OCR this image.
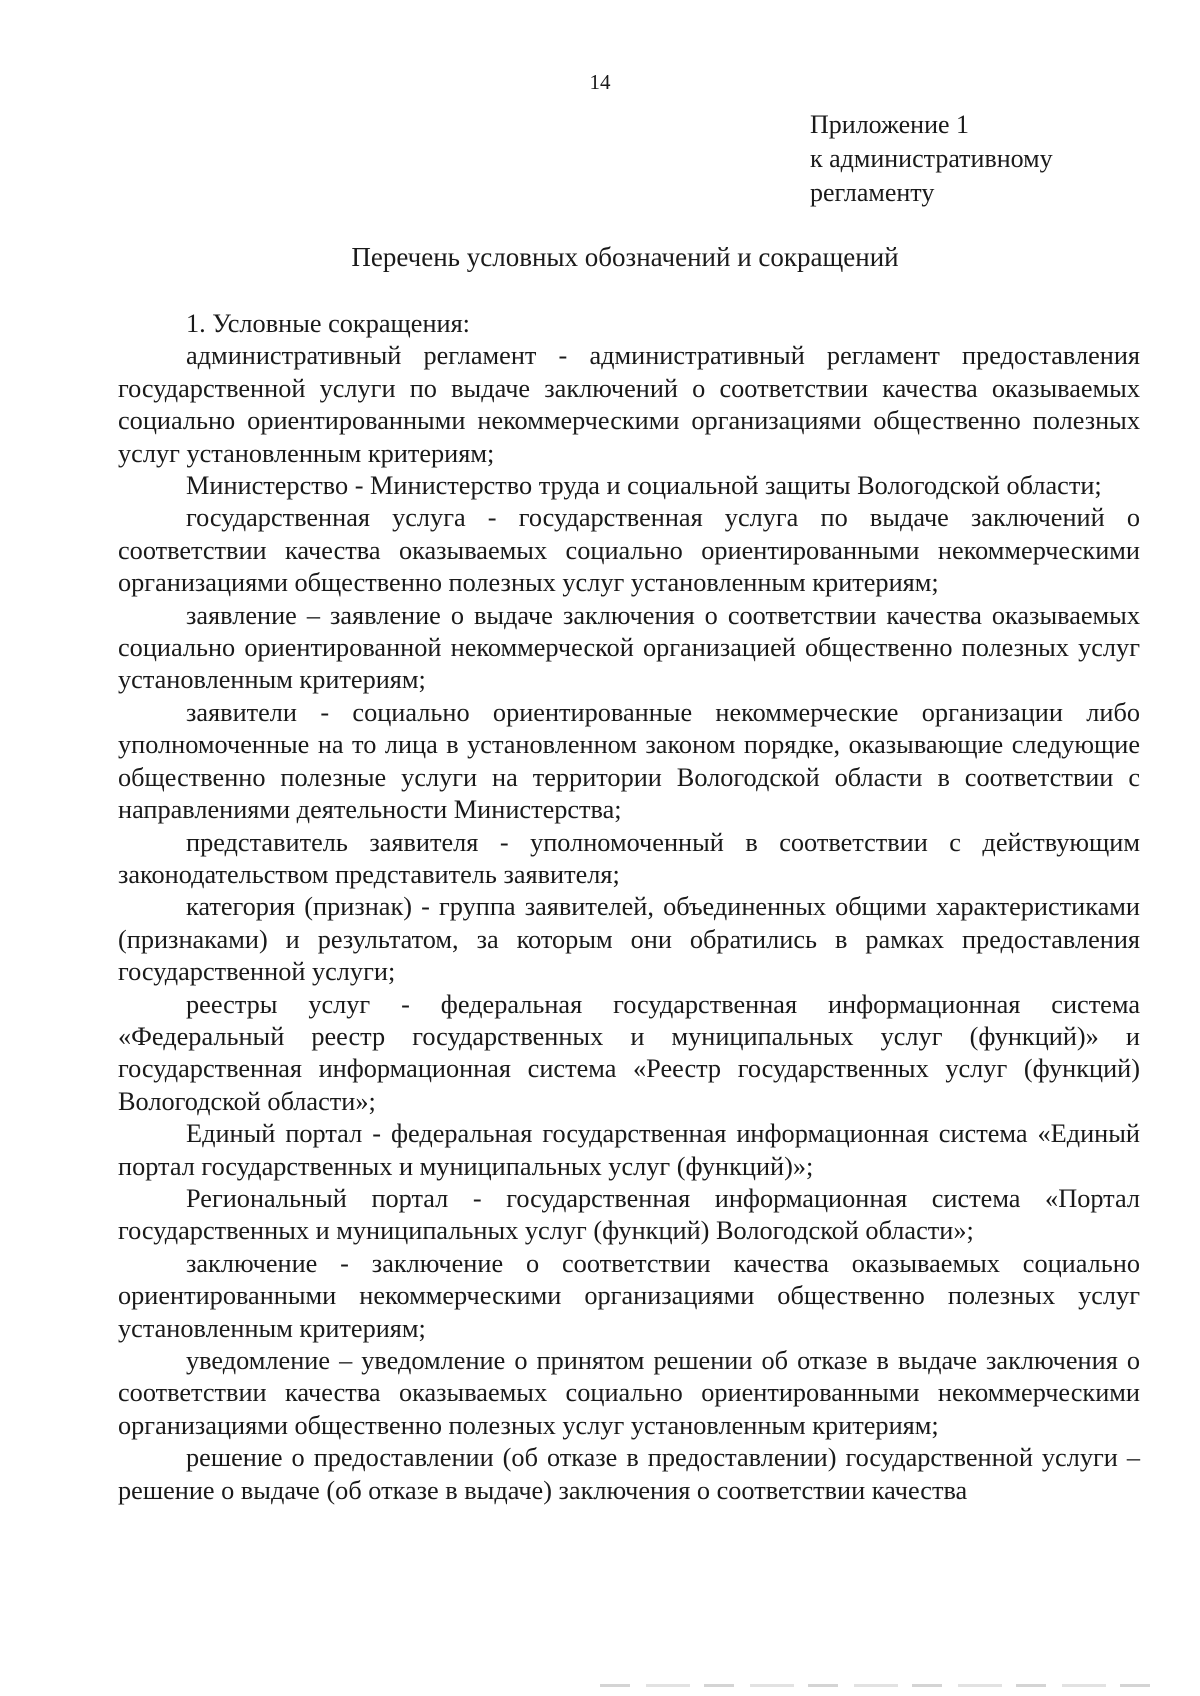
14
Приложение 1
к административному
регламенту
Перечень условных обозначений и сокращений

1. Условные сокращения:

административный регламент - административный регламент предоставления государственной услуги по выдаче заключений о соответствии качества оказываемых социально ориентированными некоммерческими организациями общественно полезных услуг установленным критериям;

Министерство - Министерство труда и социальной защиты Вологодской области;

государственная услуга - государственная услуга по выдаче заключений о соответствии качества оказываемых социально ориентированными некоммерческими организациями общественно полезных услуг установленным критериям;

заявление – заявление о выдаче заключения о соответствии качества оказываемых социально ориентированной некоммерческой организацией общественно полезных услуг установленным критериям;

заявители - социально ориентированные некоммерческие организации либо уполномоченные на то лица в установленном законом порядке, оказывающие следующие общественно полезные услуги на территории Вологодской области в соответствии с направлениями деятельности Министерства;

представитель заявителя - уполномоченный в соответствии с действующим законодательством представитель заявителя;

категория (признак) - группа заявителей, объединенных общими характеристиками (признаками) и результатом, за которым они обратились в рамках предоставления государственной услуги;

реестры услуг - федеральная государственная информационная система «Федеральный реестр государственных и муниципальных услуг (функций)» и государственная информационная система «Реестр государственных услуг (функций) Вологодской области»;

Единый портал - федеральная государственная информационная система «Единый портал государственных и муниципальных услуг (функций)»;

Региональный портал - государственная информационная система «Портал государственных и муниципальных услуг (функций) Вологодской области»;

заключение - заключение о соответствии качества оказываемых социально ориентированными некоммерческими организациями общественно полезных услуг установленным критериям;

уведомление – уведомление о принятом решении об отказе в выдаче заключения о соответствии качества оказываемых социально ориентированными некоммерческими организациями общественно полезных услуг установленным критериям;

решение о предоставлении (об отказе в предоставлении) государственной услуги – решение о выдаче (об отказе в выдаче) заключения о соответствии качества
